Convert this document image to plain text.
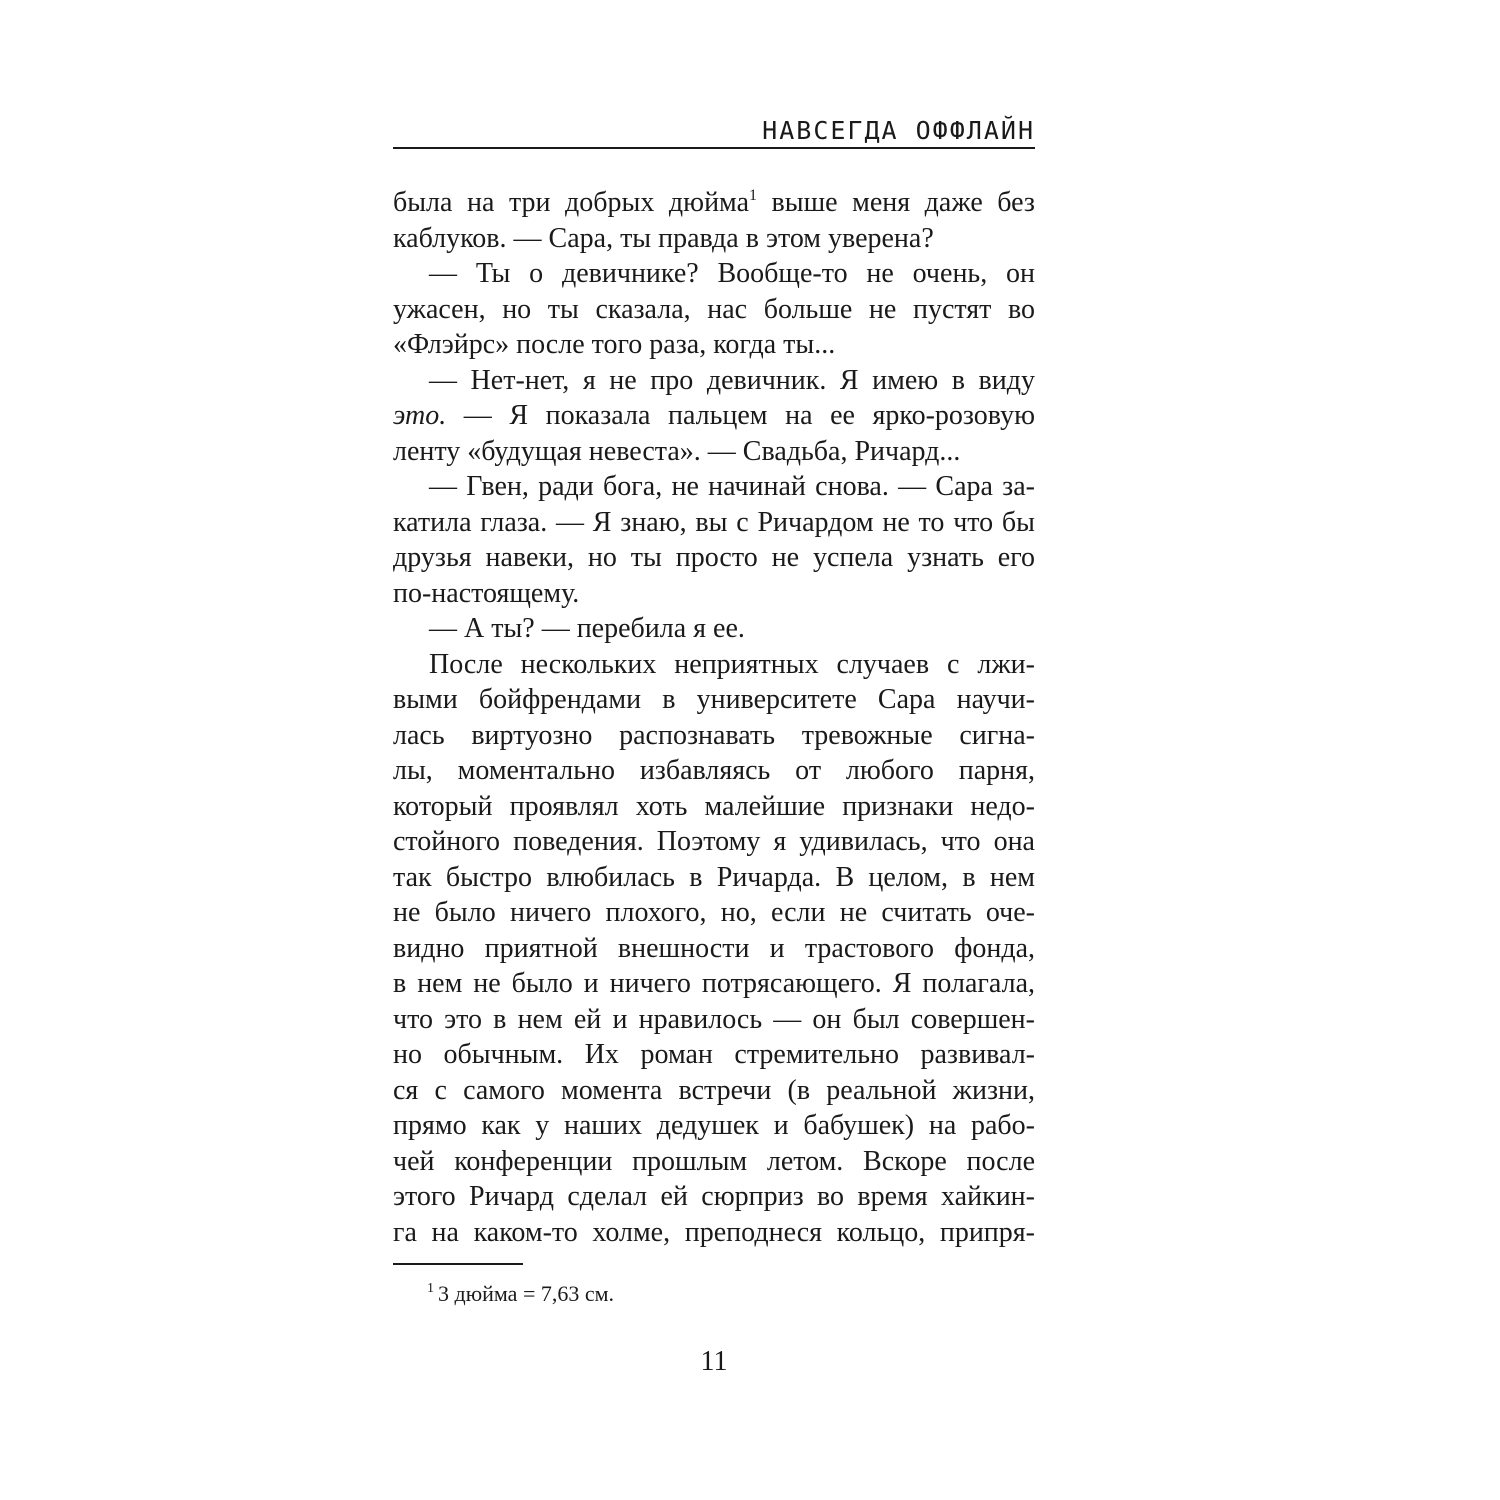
НАВСЕГДА ОФФЛАЙН
была на три добрых дюйма$^1$ выше меня даже без
каблуков. — Сара, ты правда в этом уверена?
— Ты о девичнике? Вообще-то не очень, он
ужасен, но ты сказала, нас больше не пустят во
«Флэйрс» после того раза, когда ты...
— Нет-нет, я не про девичник. Я имею в виду
это. — Я показала пальцем на ее ярко-розовую
ленту «будущая невеста». — Свадьба, Ричард...
— Гвен, ради бога, не начинай снова. — Сара за-
катила глаза. — Я знаю, вы с Ричардом не то что бы
друзья навеки, но ты просто не успела узнать его
по-настоящему.
— А ты? — перебила я ее.
После нескольких неприятных случаев с лжи-
выми бойфрендами в университете Сара научи-
лась виртуозно распознавать тревожные сигна-
лы, моментально избавляясь от любого парня,
который проявлял хоть малейшие признаки недо-
стойного поведения. Поэтому я удивилась, что она
так быстро влюбилась в Ричарда. В целом, в нем
не было ничего плохого, но, если не считать оче-
видно приятной внешности и трастового фонда,
в нем не было и ничего потрясающего. Я полагала,
что это в нем ей и нравилось — он был совершен-
но обычным. Их роман стремительно развивал-
ся с самого момента встречи (в реальной жизни,
прямо как у наших дедушек и бабушек) на рабо-
чей конференции прошлым летом. Вскоре после
этого Ричард сделал ей сюрприз во время хайкин-
га на каком-то холме, преподнеся кольцо, припря-
$^1$ 3 дюйма = 7,63 см.
11
